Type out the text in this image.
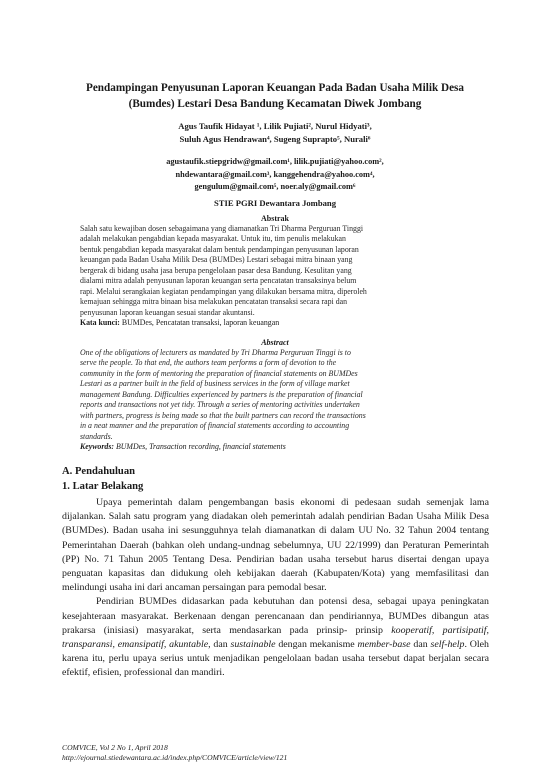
Pendampingan Penyusunan Laporan Keuangan Pada Badan Usaha Milik Desa
(Bumdes) Lestari Desa Bandung Kecamatan Diwek Jombang
Agus Taufik Hidayat ¹, Lilik Pujiati², Nurul Hidyati³,
Suluh Agus Hendrawan⁴, Sugeng Suprapto⁵, Nurali⁶
agustaufik.stiepgridw@gmail.com¹, lilik.pujiati@yahoo.com²,
nhdewantara@gmail.com³, kanggehendra@yahoo.com⁴,
gengulum@gmail.com⁵, noer.aly@gmail.com⁶
STIE PGRI Dewantara Jombang
Abstrak
Salah satu kewajiban dosen sebagaimana yang diamanatkan Tri Dharma Perguruan Tinggi
adalah melakukan pengabdian kepada masyarakat. Untuk itu, tim penulis melakukan
bentuk pengabdian kepada masyarakat dalam bentuk pendampingan penyusunan laporan
keuangan pada Badan Usaha Milik Desa (BUMDes) Lestari sebagai mitra binaan yang
bergerak di bidang usaha jasa berupa pengelolaan pasar desa Bandung. Kesulitan yang
dialami mitra adalah penyusunan laporan keuangan serta pencatatan transaksinya belum
rapi. Melalui serangkaian kegiatan pendampingan yang dilakukan bersama mitra, diperoleh
kemajuan sehingga mitra binaan bisa melakukan pencatatan transaksi secara rapi dan
penyusunan laporan keuangan sesuai standar akuntansi.
Kata kunci: BUMDes, Pencatatan transaksi, laporan keuangan
Abstract
One of the obligations of lecturers as mandated by Tri Dharma Perguruan Tinggi is to
serve the people. To that end, the authors team performs a form of devotion to the
community in the form of mentoring the preparation of financial statements on BUMDes
Lestari as a partner built in the field of business services in the form of village market
management Bandung. Difficulties experienced by partners is the preparation of financial
reports and transactions not yet tidy. Through a series of mentoring activities undertaken
with partners, progress is being made so that the built partners can record the transactions
in a neat manner and the preparation of financial statements according to accounting
standards.
Keywords: BUMDes, Transaction recording, financial statements
A. Pendahuluan
1. Latar Belakang

Upaya pemerintah dalam pengembangan basis ekonomi di pedesaan sudah semenjak lama dijalankan. Salah satu program yang diadakan oleh pemerintah adalah pendirian Badan Usaha Milik Desa (BUMDes). Badan usaha ini sesungguhnya telah diamanatkan di dalam UU No. 32 Tahun 2004 tentang Pemerintahan Daerah (bahkan oleh undang-undnag sebelumnya, UU 22/1999) dan Peraturan Pemerintah (PP) No. 71 Tahun 2005 Tentang Desa. Pendirian badan usaha tersebut harus disertai dengan upaya penguatan kapasitas dan didukung oleh kebijakan daerah (Kabupaten/Kota) yang memfasilitasi dan melindungi usaha ini dari ancaman persaingan para pemodal besar.

Pendirian BUMDes didasarkan pada kebutuhan dan potensi desa, sebagai upaya peningkatan kesejahteraan masyarakat. Berkenaan dengan perencanaan dan pendiriannya, BUMDes dibangun atas prakarsa (inisiasi) masyarakat, serta mendasarkan pada prinsip- prinsip kooperatif, partisipatif, transparansi, emansipatif, akuntable, dan sustainable dengan mekanisme member-base dan self-help. Oleh karena itu, perlu upaya serius untuk menjadikan pengelolaan badan usaha tersebut dapat berjalan secara efektif, efisien, professional dan mandiri.

COMVICE, Vol 2 No 1, April 2018
http://ejournal.stiedewantara.ac.id/index.php/COMVICE/article/view/121
